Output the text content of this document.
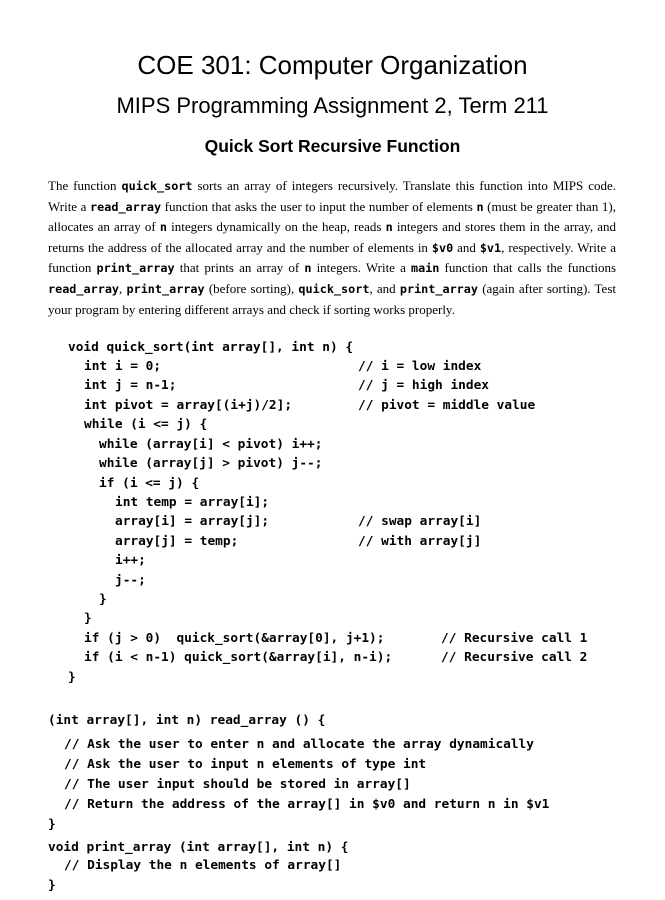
COE 301: Computer Organization
MIPS Programming Assignment 2, Term 211
Quick Sort Recursive Function
The function quick_sort sorts an array of integers recursively. Translate this function into MIPS code. Write a read_array function that asks the user to input the number of elements n (must be greater than 1), allocates an array of n integers dynamically on the heap, reads n integers and stores them in the array, and returns the address of the allocated array and the number of elements in $v0 and $v1, respectively. Write a function print_array that prints an array of n integers. Write a main function that calls the functions read_array, print_array (before sorting), quick_sort, and print_array (again after sorting). Test your program by entering different arrays and check if sorting works properly.
void quick_sort(int array[], int n) {
int i = 0;
int j = n-1;
int pivot = array[(i+j)/2];
while (i <= j) {
while (array[i] < pivot) i++;
while (array[j] > pivot) j--;
if (i <= j) {
int temp = array[i];
array[i] = array[j];
array[j] = temp;
i++;
j--;
}
}
if (j > 0)  quick_sort(&array[0], j+1);
if (i < n-1) quick_sort(&array[i], n-i);
}
// i = low index
// j = high index
// pivot = middle value
// swap array[i]
// with array[j]
// Recursive call 1
// Recursive call 2
(int array[], int n) read_array () {
// Ask the user to enter n and allocate the array dynamically
// Ask the user to input n elements of type int
// The user input should be stored in array[]
// Return the address of the array[] in $v0 and return n in $v1
}
void print_array (int array[], int n) {
// Display the n elements of array[]
}
